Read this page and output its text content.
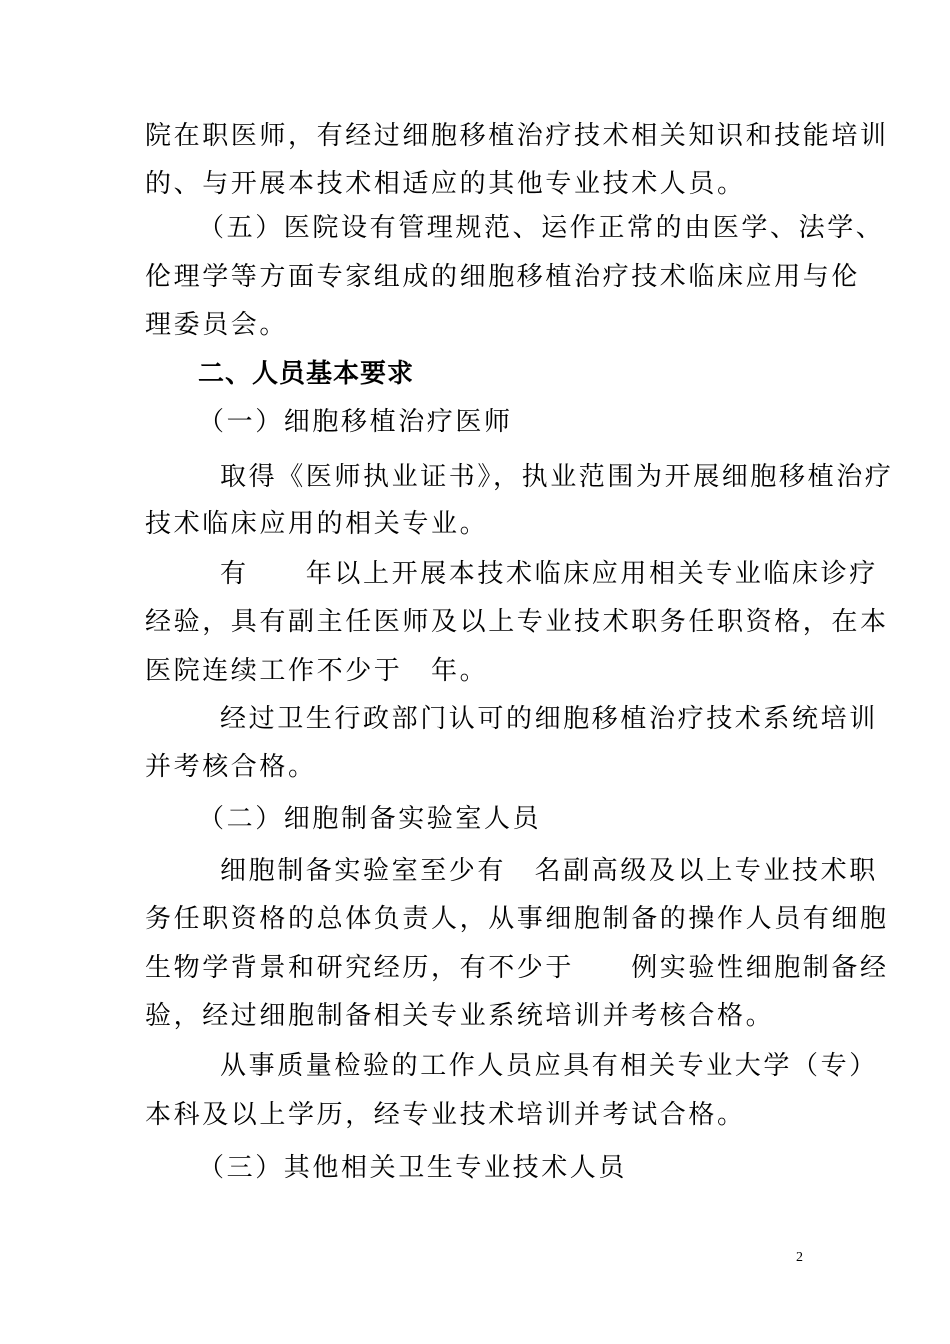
院在职医师，有经过细胞移植治疗技术相关知识和技能培训
的、与开展本技术相适应的其他专业技术人员。
（五）医院设有管理规范、运作正常的由医学、法学、
伦理学等方面专家组成的细胞移植治疗技术临床应用与伦
理委员会。
二、人员基本要求
（一）细胞移植治疗医师
取得《医师执业证书》，执业范围为开展细胞移植治疗
技术临床应用的相关专业。
有　　年以上开展本技术临床应用相关专业临床诊疗
经验，具有副主任医师及以上专业技术职务任职资格，在本
医院连续工作不少于　年。
经过卫生行政部门认可的细胞移植治疗技术系统培训
并考核合格。
（二）细胞制备实验室人员
细胞制备实验室至少有　名副高级及以上专业技术职
务任职资格的总体负责人，从事细胞制备的操作人员有细胞
生物学背景和研究经历，有不少于　　例实验性细胞制备经
验，经过细胞制备相关专业系统培训并考核合格。
从事质量检验的工作人员应具有相关专业大学（专）
本科及以上学历，经专业技术培训并考试合格。
（三）其他相关卫生专业技术人员
2
